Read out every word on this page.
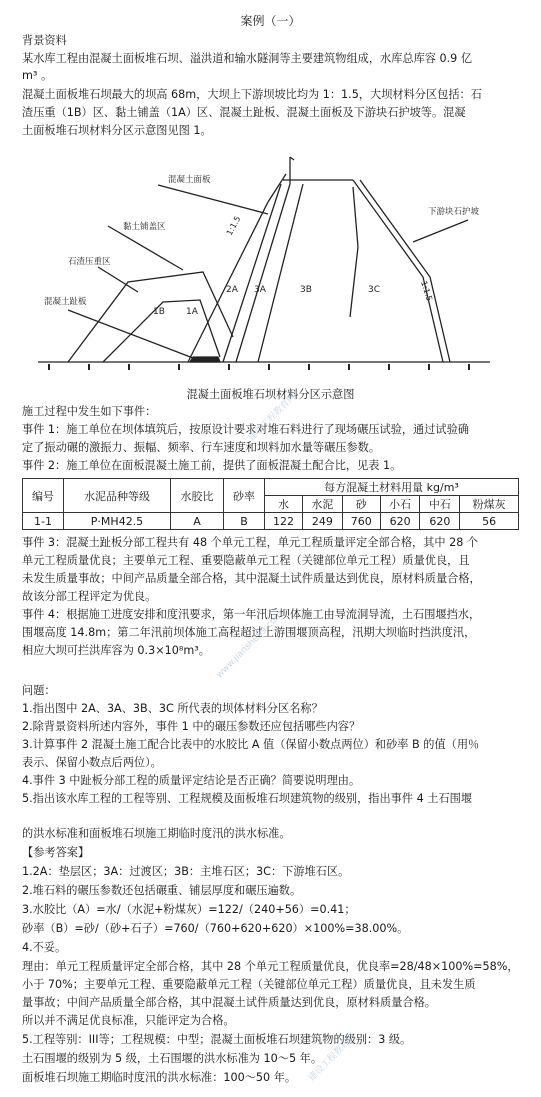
案例（一）
背景资料
某水库工程由混凝土面板堆石坝、溢洪道和输水隧洞等主要建筑物组成，水库总库容 0.9 亿
m³ 。
混凝土面板堆石坝最大的坝高 68m，大坝上下游坝坡比均为 1：1.5，大坝材料分区包括：石
渣压重（1B）区、黏土铺盖（1A）区、混凝土趾板、混凝土面板及下游块石护坡等。混凝
土面板堆石坝材料分区示意图见图 1。
混凝土面板
黏土铺盖区
石渣压重区
混凝土趾板
下游块石护坡
1B 1A
2A 3A	3B	3C
1:1.5
1:1.5
混凝土面板堆石坝材料分区示意图
施工过程中发生如下事件：
事件 1：施工单位在坝体填筑后，按原设计要求对堆石料进行了现场碾压试验，通过试验确
定了振动碾的激振力、振幅、频率、行车速度和坝料加水量等碾压参数。
事件 2：施工单位在面板混凝土施工前，提供了面板混凝土配合比，见表 1。
编号	水泥品种等级	水胶比	砂率	每方混凝土材料用量 kg/m³					
				水	水泥	砂	小石	中石	粉煤灰
1-1	P·MH42.5	A	B	122	249	760	620	620	56
事件 3：混凝土趾板分部工程共有 48 个单元工程，单元工程质量评定全部合格，其中 28 个
单元工程质量优良；主要单元工程、重要隐蔽单元工程（关键部位单元工程）质量优良，且
未发生质量事故；中间产品质量全部合格，其中混凝土试件质量达到优良，原材料质量合格，
故该分部工程评定为优良。
事件 4：根据施工进度安排和度汛要求，第一年汛后坝体施工由导流洞导流，土石围堰挡水，
围堰高度 14.8m；第二年汛前坝体施工高程超过上游围堰顶高程，汛期大坝临时挡洪度汛，
相应大坝可拦洪库容为 0.3×10⁸m³。
问题：
1.指出图中 2A、3A、3B、3C 所代表的坝体材料分区名称？
2.除背景资料所述内容外，事件 1 中的碾压参数还应包括哪些内容？
3.计算事件 2 混凝土施工配合比表中的水胶比 A 值（保留小数点两位）和砂率 B 的值（用％
表示、保留小数点后两位）。
4.事件 3 中趾板分部工程的质量评定结论是否正确？简要说明理由。
5.指出该水库工程的工程等别、工程规模及面板堆石坝建筑物的级别，指出事件 4 土石围堰
的洪水标准和面板堆石坝施工期临时度汛的洪水标准。
【参考答案】
1.2A：垫层区；3A：过渡区；3B：主堆石区；3C：下游堆石区。
2.堆石料的碾压参数还包括碾重、铺层厚度和碾压遍数。
3.水胶比（A）=水/（水泥+粉煤灰）=122/（240+56）=0.41；
砂率（B）=砂/（砂+石子）=760/（760+620+620）×100%=38.00%。
4.不妥。
理由：单元工程质量评定全部合格，其中 28 个单元工程质量优良，优良率=28/48×100%=58%，
小于 70%；主要单元工程、重要隐蔽单元工程（关键部位单元工程）质量优良，且未发生质
量事故；中间产品质量全部合格，其中混凝土试件质量达到优良，原材料质量合格。
所以并不满足优良标准，只能评定为合格。
5.工程等别：III等；工程规模：中型；混凝土面板堆石坝建筑物的级别：3 级。
土石围堰的级别为 5 级，土石围堰的洪水标准为 10～5 年。
面板堆石坝施工期临时度汛的洪水标准：100～50 年。
建设工程教育网
www.jianshe99.com
建设工程教育网
